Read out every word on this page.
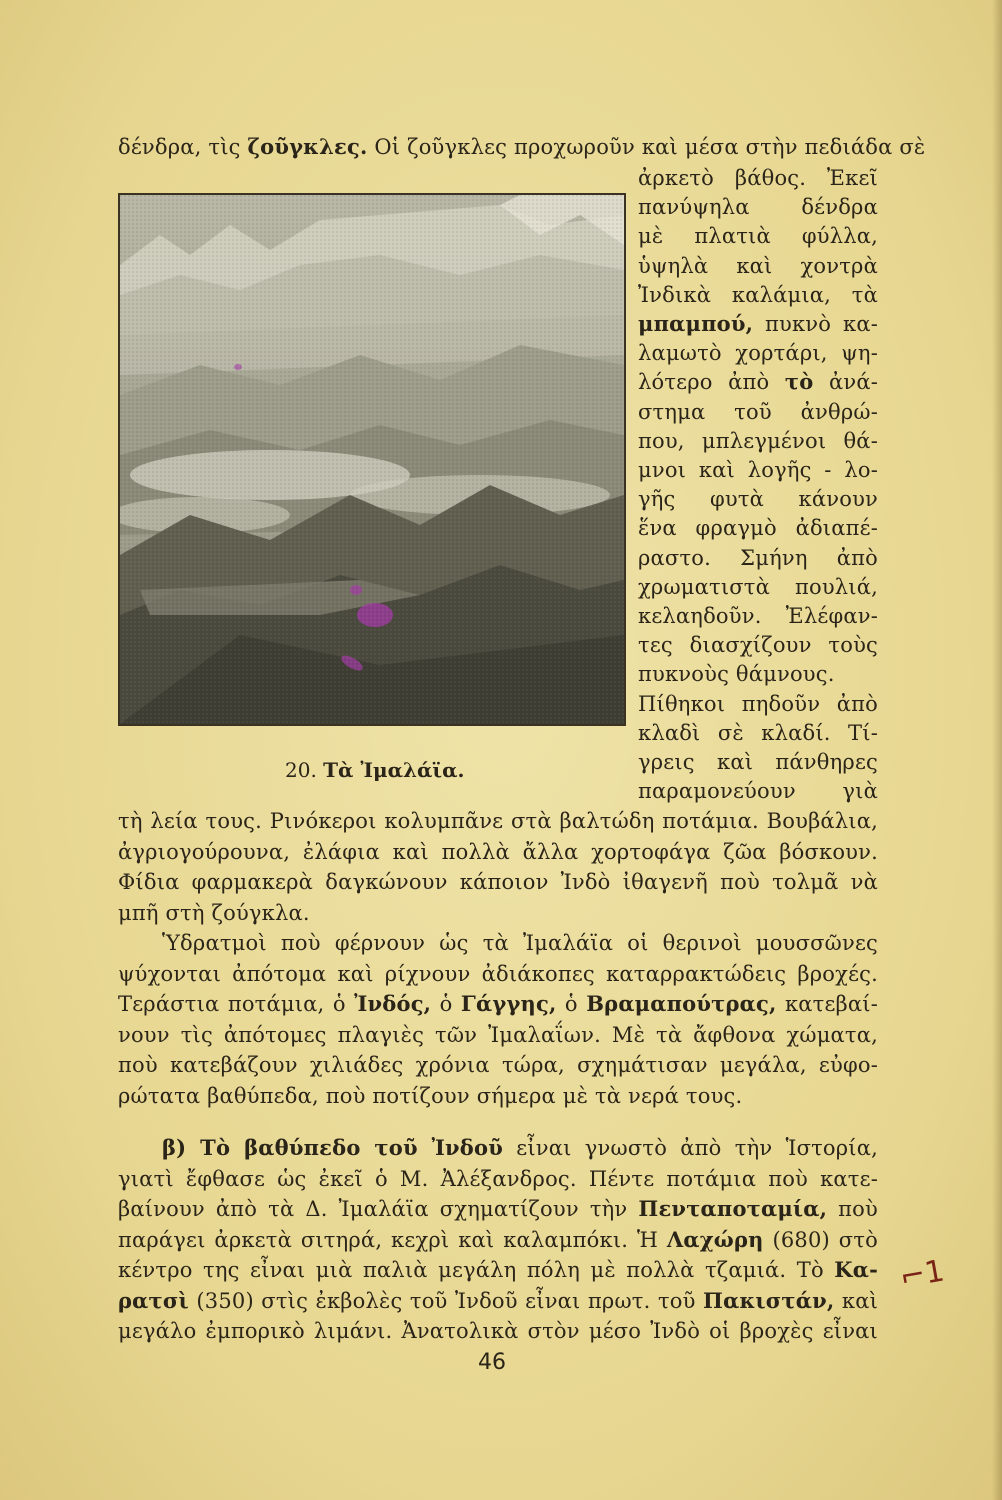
δένδρα, τὶς ζοῦγκλες. Οἱ ζοῦγκλες προχωροῦν καὶ μέσα στὴν πεδιάδα σὲ
ἀρκετὸ βάθος. Ἐκεῖ
πανύψηλα δένδρα
μὲ πλατιὰ φύλλα,
ὑψηλὰ καὶ χοντρὰ
Ἰνδικὰ καλάμια, τὰ
μπαμπού, πυκνὸ κα-
λαμωτὸ χορτάρι, ψη-
λότερο ἀπὸ τὸ ἀνά-
στημα τοῦ ἀνθρώ-
που, μπλεγμένοι θά-
μνοι καὶ λογῆς - λο-
γῆς φυτὰ κάνουν
ἕνα φραγμὸ ἀδιαπέ-
ραστο. Σμήνη ἀπὸ
χρωματιστὰ πουλιά,
κελαηδοῦν. Ἐλέφαν-
τες διασχίζουν τοὺς
πυκνοὺς θάμνους.
Πίθηκοι πηδοῦν ἀπὸ
κλαδὶ σὲ κλαδί. Τί-
γρεις καὶ πάνθηρες
παραμονεύουν γιὰ
20. Τὰ Ἰμαλάϊα.
τὴ λεία τους. Ρινόκεροι κολυμπᾶνε στὰ βαλτώδη ποτάμια. Βουβάλια,
ἀγριογούρουνα, ἐλάφια καὶ πολλὰ ἄλλα χορτοφάγα ζῶα βόσκουν.
Φίδια φαρμακερὰ δαγκώνουν κάποιον Ἰνδὸ ἰθαγενῆ ποὺ τολμᾶ νὰ
μπῆ στὴ ζούγκλα.
Ὑδρατμοὶ ποὺ φέρνουν ὡς τὰ Ἰμαλάϊα οἱ θερινοὶ μουσσῶνες
ψύχονται ἀπότομα καὶ ρίχνουν ἀδιάκοπες καταρρακτώδεις βροχές.
Τεράστια ποτάμια, ὁ Ἰνδός, ὁ Γάγγης, ὁ Βραμαπούτρας, κατεβαί-
νουν τὶς ἀπότομες πλαγιὲς τῶν Ἰμαλαΐων. Μὲ τὰ ἄφθονα χώματα,
ποὺ κατεβάζουν χιλιάδες χρόνια τώρα, σχημάτισαν μεγάλα, εὐφο-
ρώτατα βαθύπεδα, ποὺ ποτίζουν σήμερα μὲ τὰ νερά τους.
β) Τὸ βαθύπεδο τοῦ Ἰνδοῦ εἶναι γνωστὸ ἀπὸ τὴν Ἱστορία,
γιατὶ ἔφθασε ὡς ἐκεῖ ὁ Μ. Ἀλέξανδρος. Πέντε ποτάμια ποὺ κατε-
βαίνουν ἀπὸ τὰ Δ. Ἰμαλάϊα σχηματίζουν τὴν Πενταποταμία, ποὺ
παράγει ἀρκετὰ σιτηρά, κεχρὶ καὶ καλαμπόκι. Ἡ Λαχώρη (680) στὸ
κέντρο της εἶναι μιὰ παλιὰ μεγάλη πόλη μὲ πολλὰ τζαμιά. Τὸ Κα-
ρατσὶ (350) στὶς ἐκβολὲς τοῦ Ἰνδοῦ εἶναι πρωτ. τοῦ Πακιστάν, καὶ
μεγάλο ἐμπορικὸ λιμάνι. Ἀνατολικὰ στὸν μέσο Ἰνδὸ οἱ βροχὲς εἶναι
46
⌐1
